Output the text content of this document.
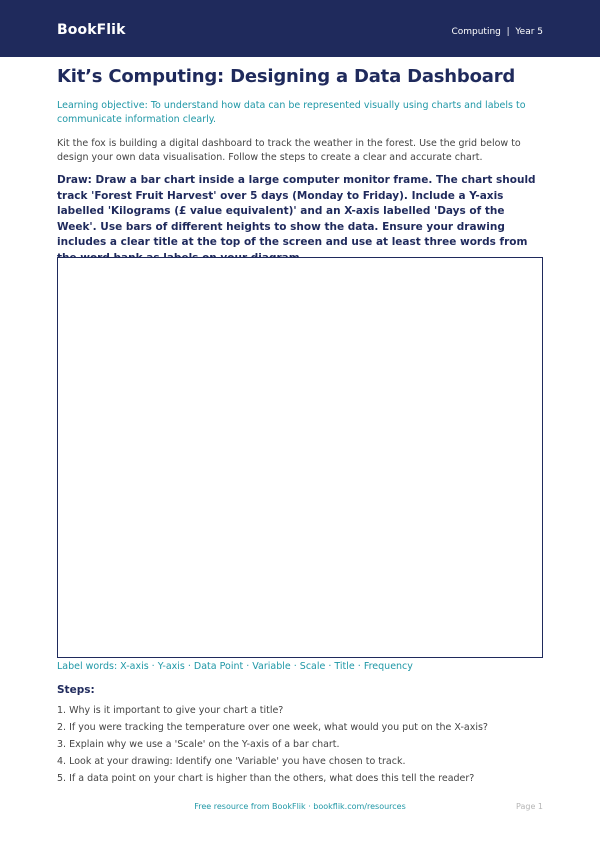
BookFlik	Computing  |  Year 5
Kit’s Computing: Designing a Data Dashboard

Learning objective: To understand how data can be represented visually using charts and labels to communicate information clearly.

Kit the fox is building a digital dashboard to track the weather in the forest. Use the grid below to design your own data visualisation. Follow the steps to create a clear and accurate chart.

Draw: Draw a bar chart inside a large computer monitor frame. The chart should track 'Forest Fruit Harvest' over 5 days (Monday to Friday). Include a Y-axis labelled 'Kilograms (£ value equivalent)' and an X-axis labelled 'Days of the Week'. Use bars of different heights to show the data. Ensure your drawing includes a clear title at the top of the screen and use at least three words from

Label words: X-axis · Y-axis · Data Point · Variable · Scale · Title · Frequency

Steps:
1. Why is it important to give your chart a title?
2. If you were tracking the temperature over one week, what would you put on the X-axis?
3. Explain why we use a 'Scale' on the Y-axis of a bar chart.
4. Look at your drawing: Identify one 'Variable' you have chosen to track.
5. If a data point on your chart is higher than the others, what does this tell the reader?
Free resource from BookFlik · bookflik.com/resources	Page 1
